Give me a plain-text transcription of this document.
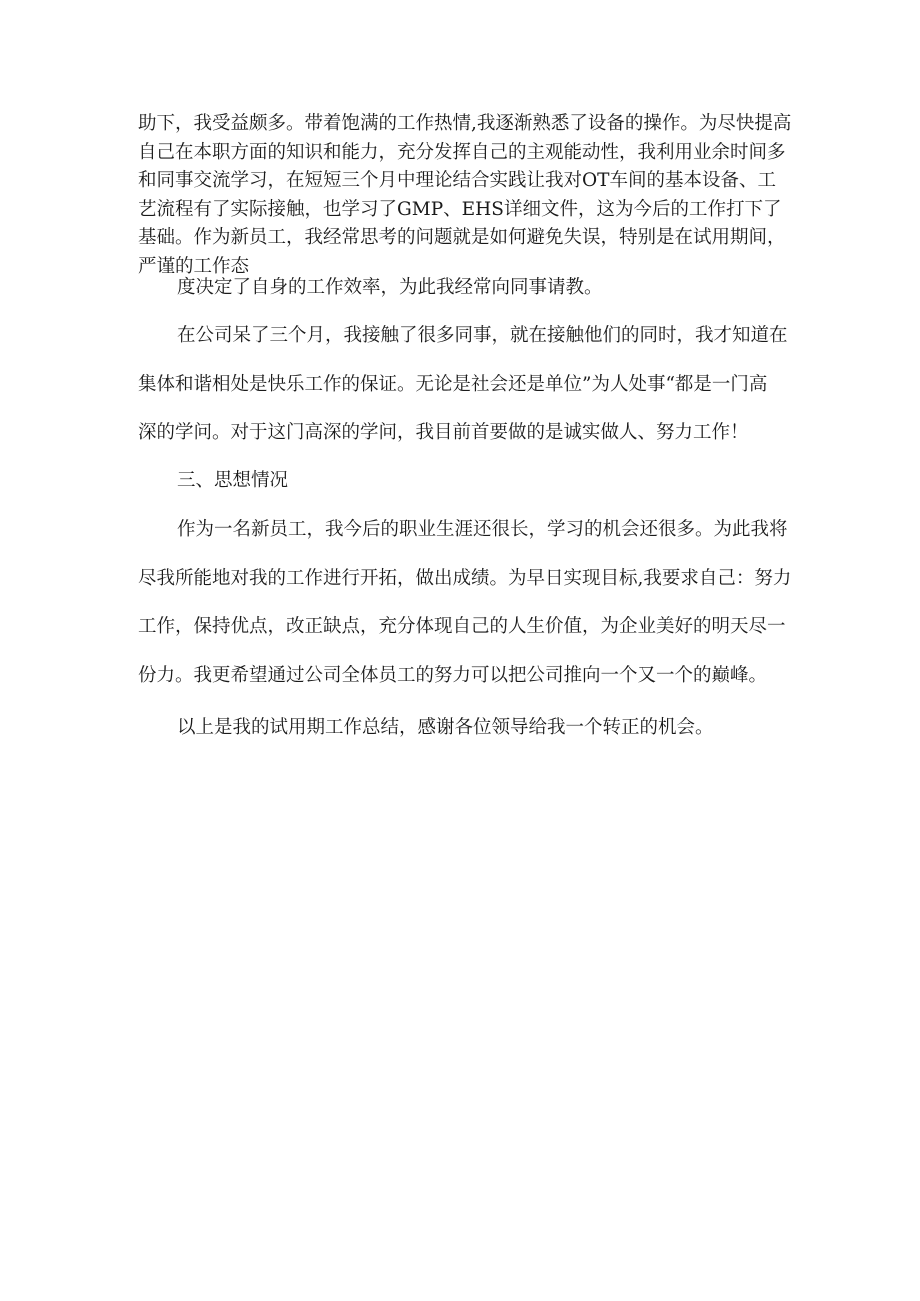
助下，我受益颇多。带着饱满的工作热情,我逐渐熟悉了设备的操作。为尽快提高

自己在本职方面的知识和能力，充分发挥自己的主观能动性，我利用业余时间多

和同事交流学习，在短短三个月中理论结合实践让我对OT车间的基本设备、工

艺流程有了实际接触，也学习了GMP、EHS详细文件，这为今后的工作打下了

基础。作为新员工，我经常思考的问题就是如何避免失误，特别是在试用期间，

严谨的工作态

度决定了自身的工作效率，为此我经常向同事请教。

在公司呆了三个月，我接触了很多同事，就在接触他们的同时，我才知道在
集体和谐相处是快乐工作的保证。无论是社会还是单位”为人处事“都是一门高
深的学问。对于这门高深的学问，我目前首要做的是诚实做人、努力工作！

三、思想情况

作为一名新员工，我今后的职业生涯还很长，学习的机会还很多。为此我将
尽我所能地对我的工作进行开拓，做出成绩。为早日实现目标,我要求自己：努力
工作，保持优点，改正缺点，充分体现自己的人生价值，为企业美好的明天尽一
份力。我更希望通过公司全体员工的努力可以把公司推向一个又一个的巅峰。

以上是我的试用期工作总结，感谢各位领导给我一个转正的机会。
